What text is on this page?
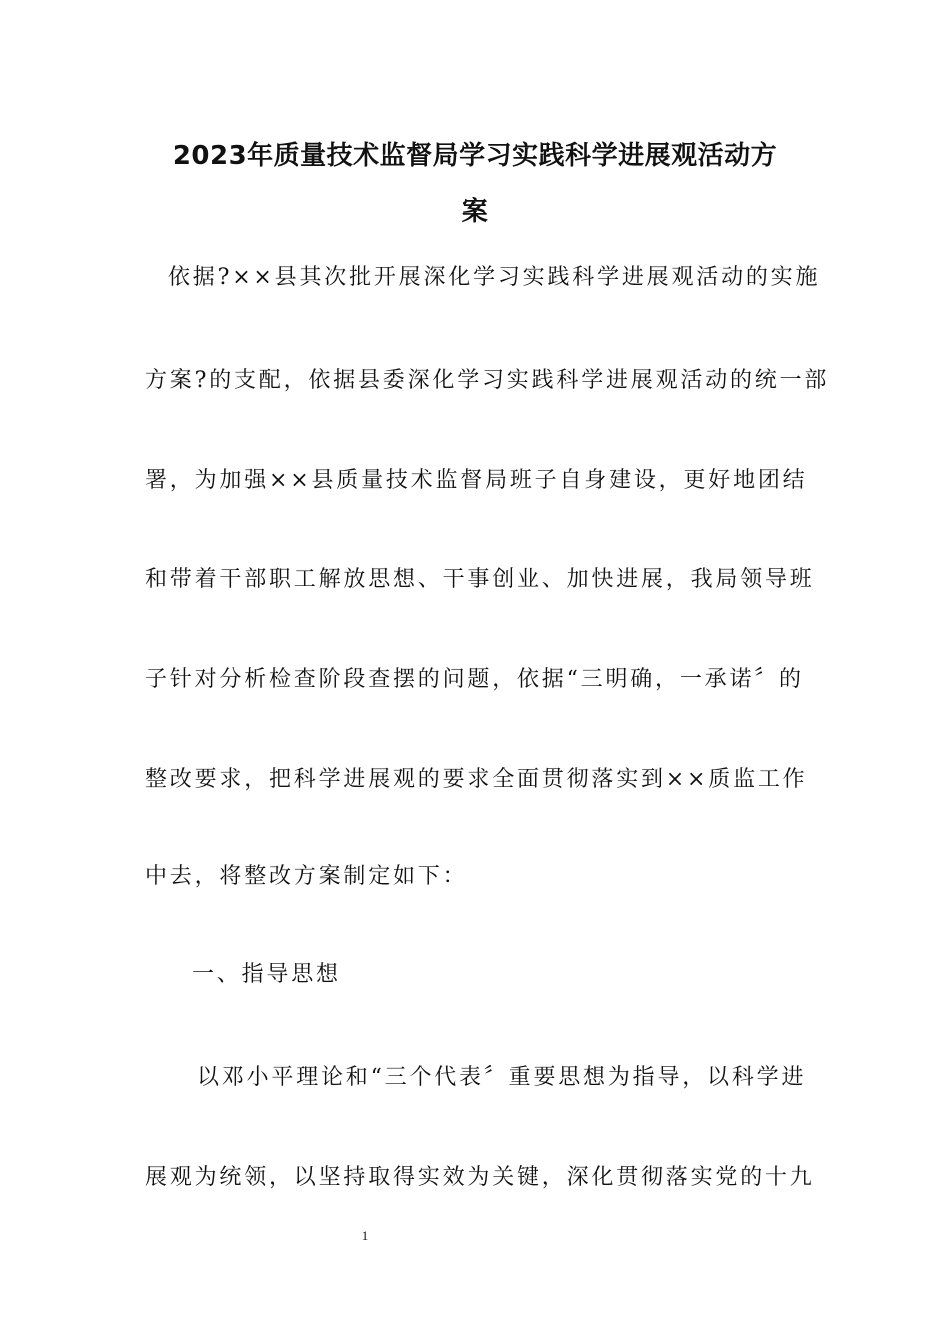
2023年质量技术监督局学习实践科学进展观活动方
案

依据?××县其次批开展深化学习实践科学进展观活动的实施

方案?的支配，依据县委深化学习实践科学进展观活动的统一部

署，为加强××县质量技术监督局班子自身建设，更好地团结

和带着干部职工解放思想、干事创业、加快进展，我局领导班

子针对分析检查阶段查摆的问题，依据“三明确，一承诺〞的

整改要求，把科学进展观的要求全面贯彻落实到××质监工作

中去，将整改方案制定如下：

一、指导思想

以邓小平理论和“三个代表〞重要思想为指导，以科学进

展观为统领，以坚持取得实效为关键，深化贯彻落实党的十九

1
